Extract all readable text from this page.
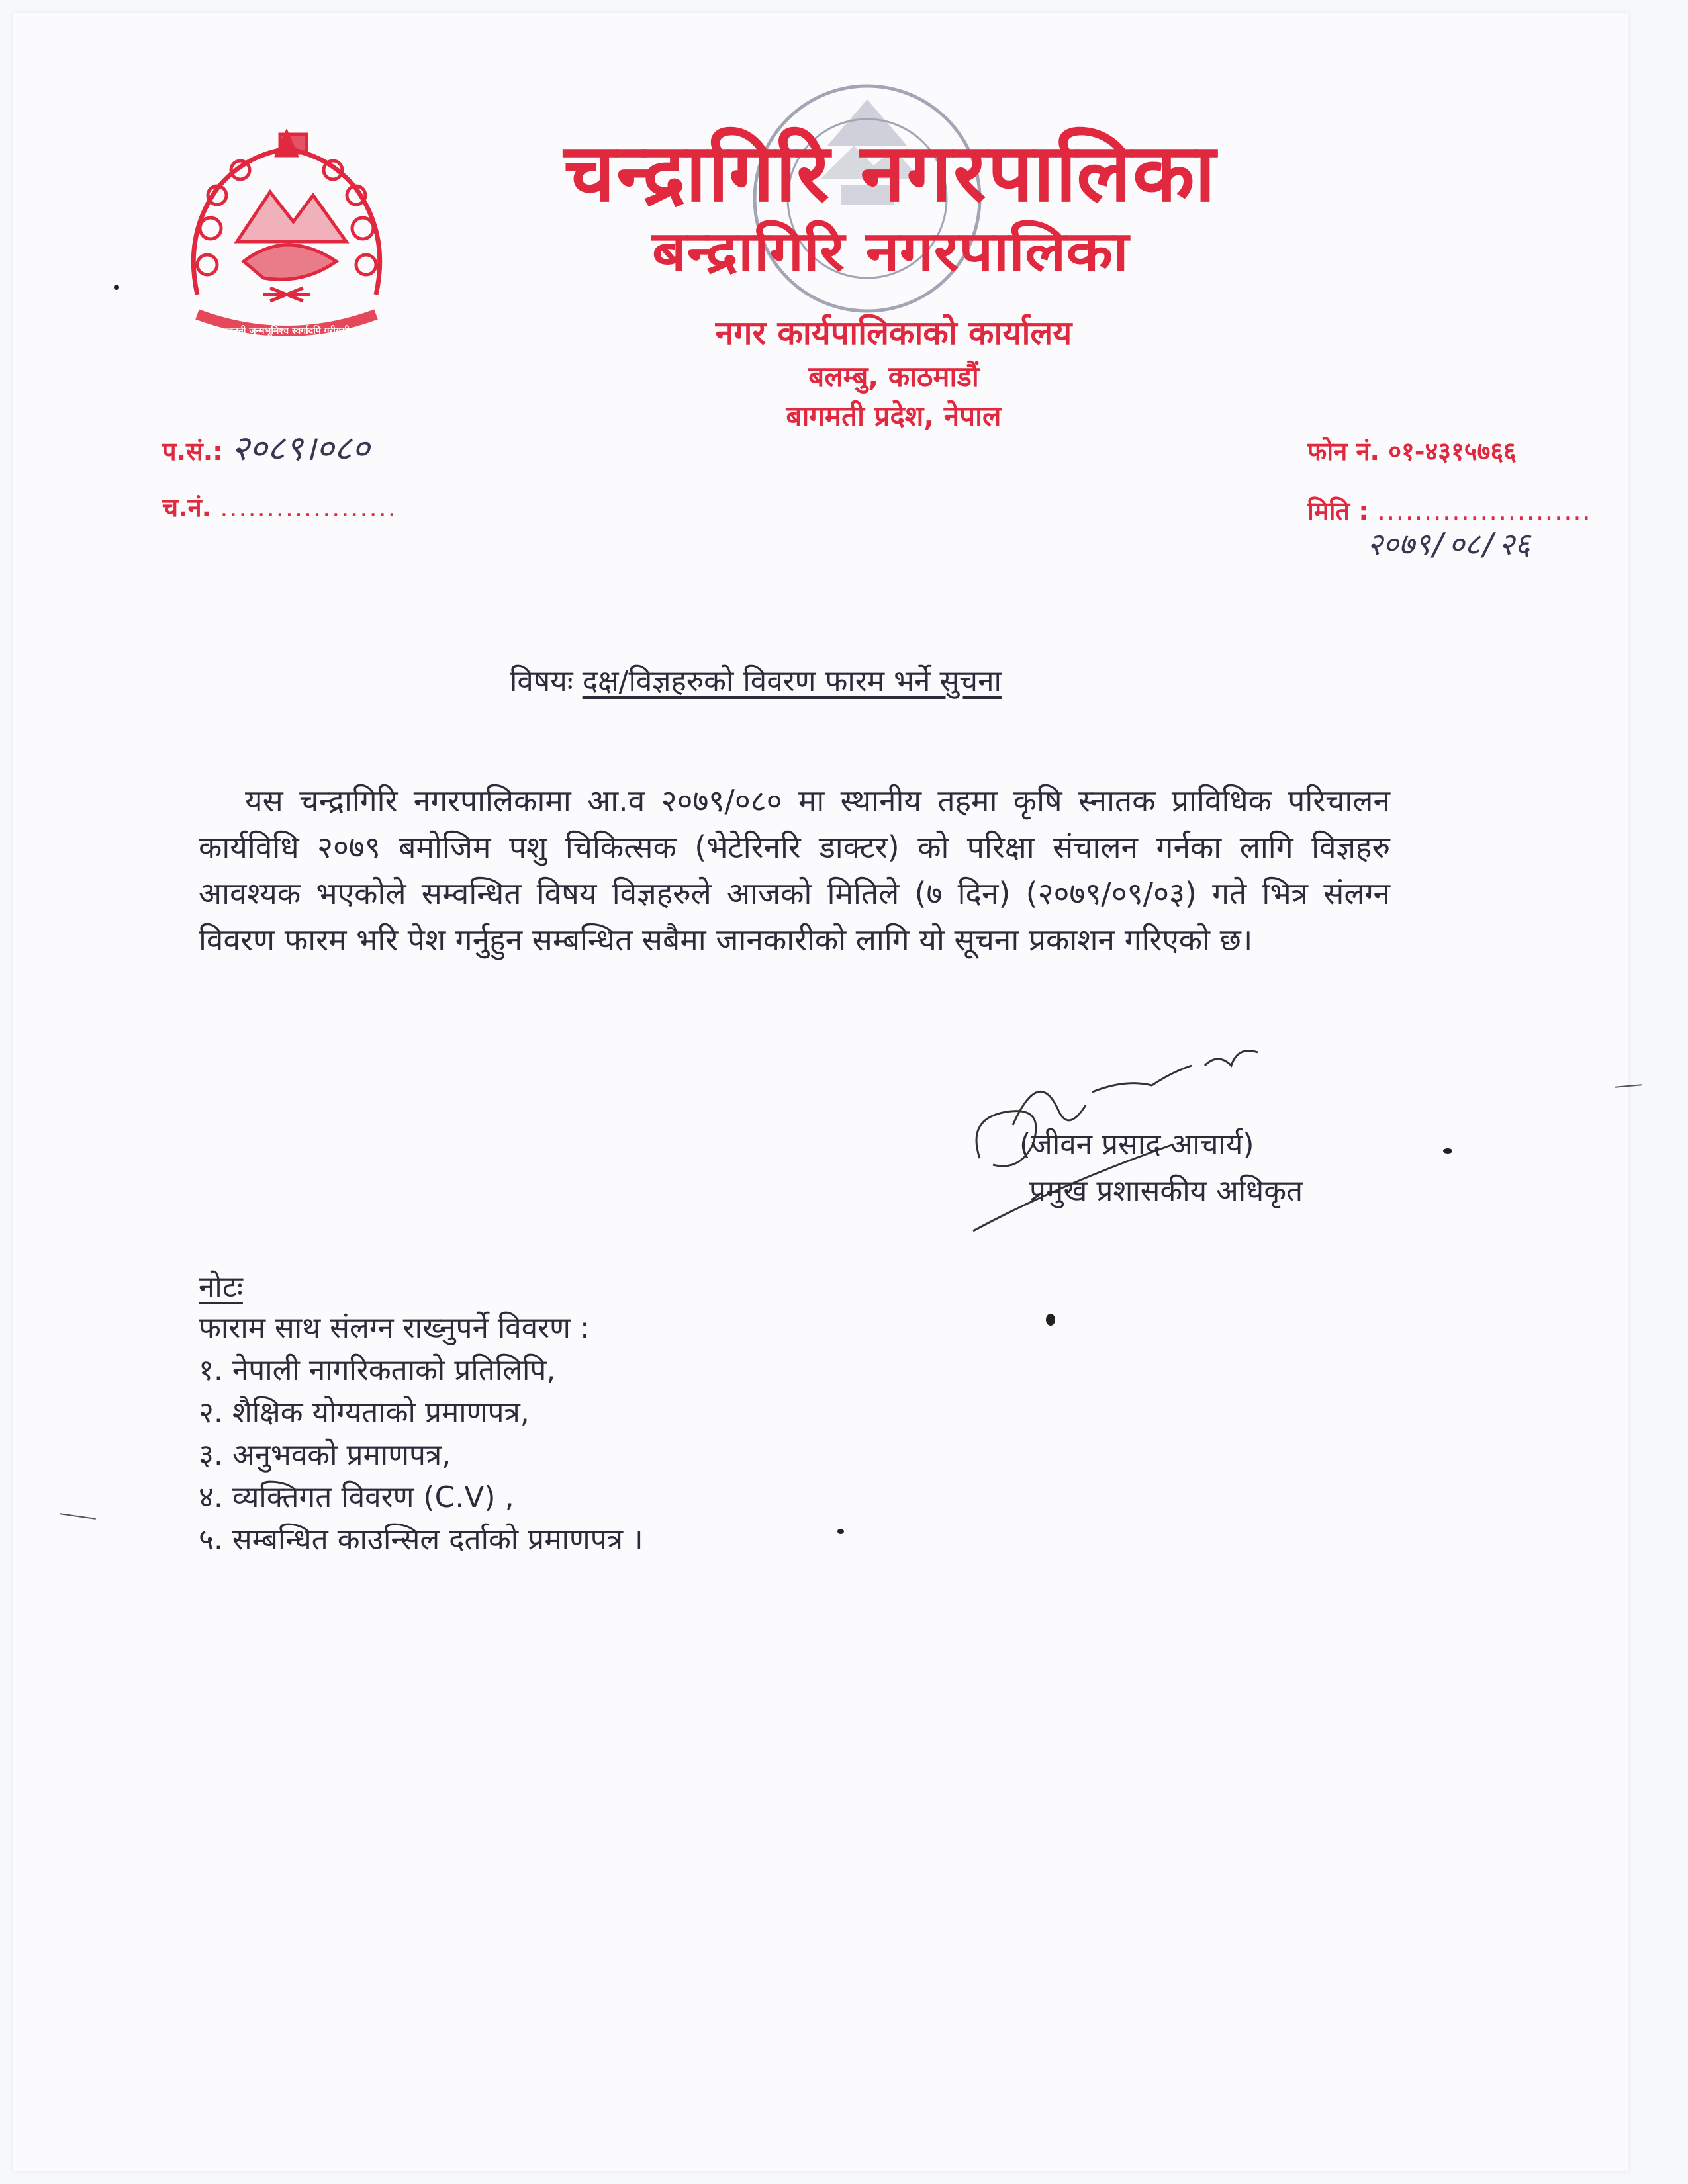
जननी जन्मभूमिश्च स्वर्गादपि गरीयसी
चन्द्रागिरि नगरपालिका
बन्द्रागिरि नगरपालिका
नगर कार्यपालिकाको कार्यालय
बलम्बु, काठमाडौं
बागमती प्रदेश, नेपाल
प.सं.: २०८९।०८०
च.नं. ...................
फोन नं. ०१-४३१५७६६
मिति : .......................
२०७९/०८/२६
विषयः दक्ष/विज्ञहरुको विवरण फारम भर्ने सुचना
यस चन्द्रागिरि नगरपालिकामा आ.व २०७९/०८० मा स्थानीय तहमा कृषि स्नातक प्राविधिक परिचालन कार्यविधि २०७९ बमोजिम पशु चिकित्सक (भेटेरिनरि डाक्टर) को परिक्षा संचालन गर्नका लागि विज्ञहरु आवश्यक भएकोले सम्वन्धित विषय विज्ञहरुले आजको मितिले (७ दिन) (२०७९/०९/०३) गते भित्र संलग्न विवरण फारम भरि पेश गर्नुहुन सम्बन्धित सबैमा जानकारीको लागि यो सूचना प्रकाशन गरिएको छ।
(जीवन प्रसाद आचार्य)
प्रमुख प्रशासकीय अधिकृत
नोटः
फाराम साथ संलग्न राख्नुपर्ने विवरण :
१. नेपाली नागरिकताको प्रतिलिपि,
२. शैक्षिक योग्यताको प्रमाणपत्र,
३. अनुभवको प्रमाणपत्र,
४. व्यक्तिगत विवरण (C.V) ,
५. सम्बन्धित काउन्सिल दर्ताको प्रमाणपत्र ।
